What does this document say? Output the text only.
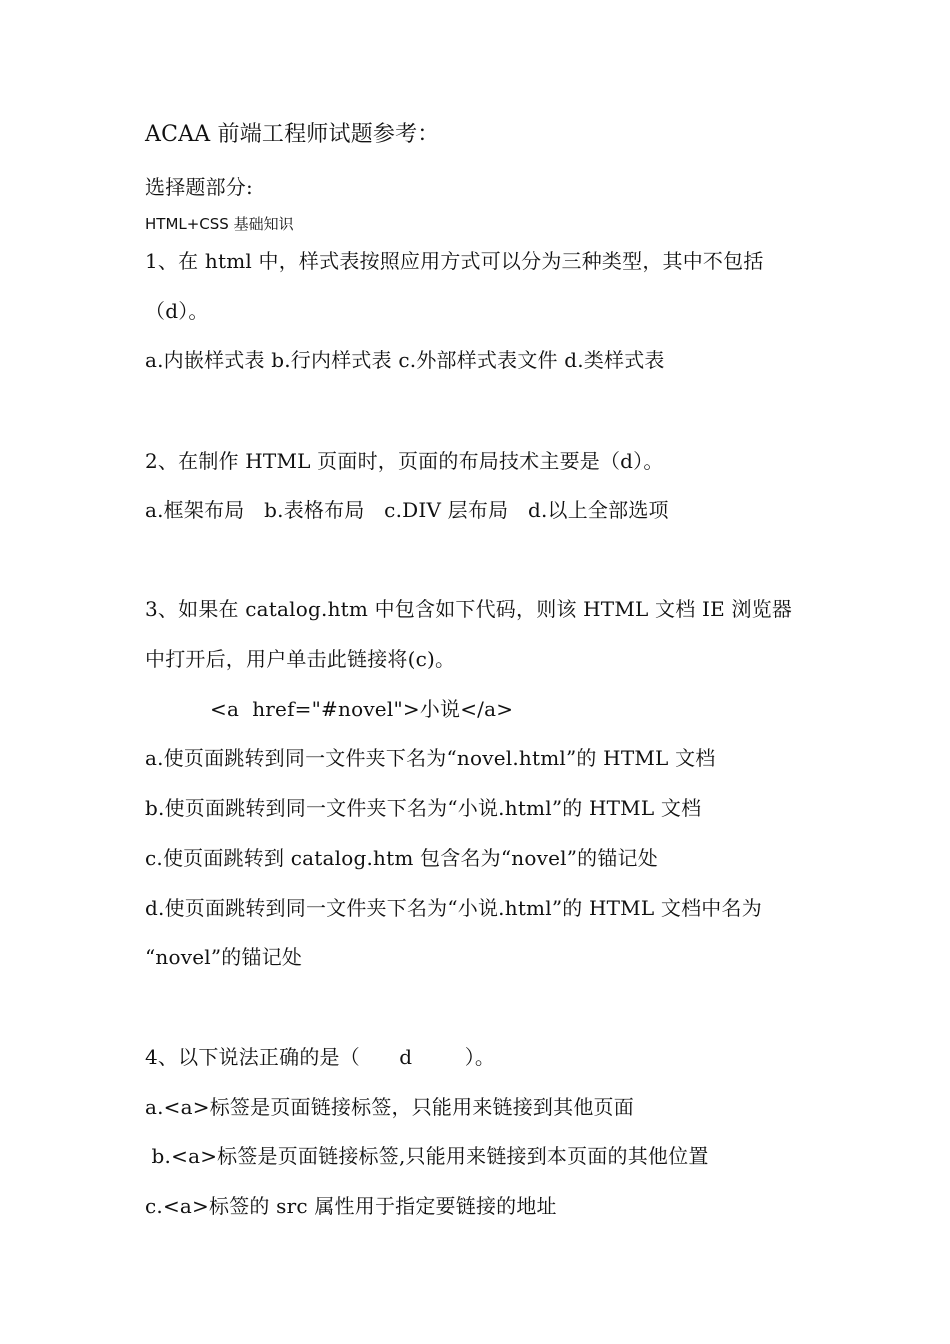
ACAA 前端工程师试题参考：
选择题部分:
HTML+CSS 基础知识
1、在 html 中，样式表按照应用方式可以分为三种类型，其中不包括
（d）。
a.内嵌样式表 b.行内样式表 c.外部样式表文件 d.类样式表
2、在制作 HTML 页面时，页面的布局技术主要是（d）。
a.框架布局   b.表格布局   c.DIV 层布局   d.以上全部选项
3、如果在 catalog.htm 中包含如下代码，则该 HTML 文档 IE 浏览器
中打开后，用户单击此链接将(c)。
<a  href="#novel">小说</a>
a.使页面跳转到同一文件夹下名为“novel.html”的 HTML 文档
b.使页面跳转到同一文件夹下名为“小说.html”的 HTML 文档
c.使页面跳转到 catalog.htm 包含名为“novel”的锚记处
d.使页面跳转到同一文件夹下名为“小说.html”的 HTML 文档中名为
“novel”的锚记处
4、以下说法正确的是（      d        ）。
a.<a>标签是页面链接标签，只能用来链接到其他页面
b.<a>标签是页面链接标签,只能用来链接到本页面的其他位置
c.<a>标签的 src 属性用于指定要链接的地址
